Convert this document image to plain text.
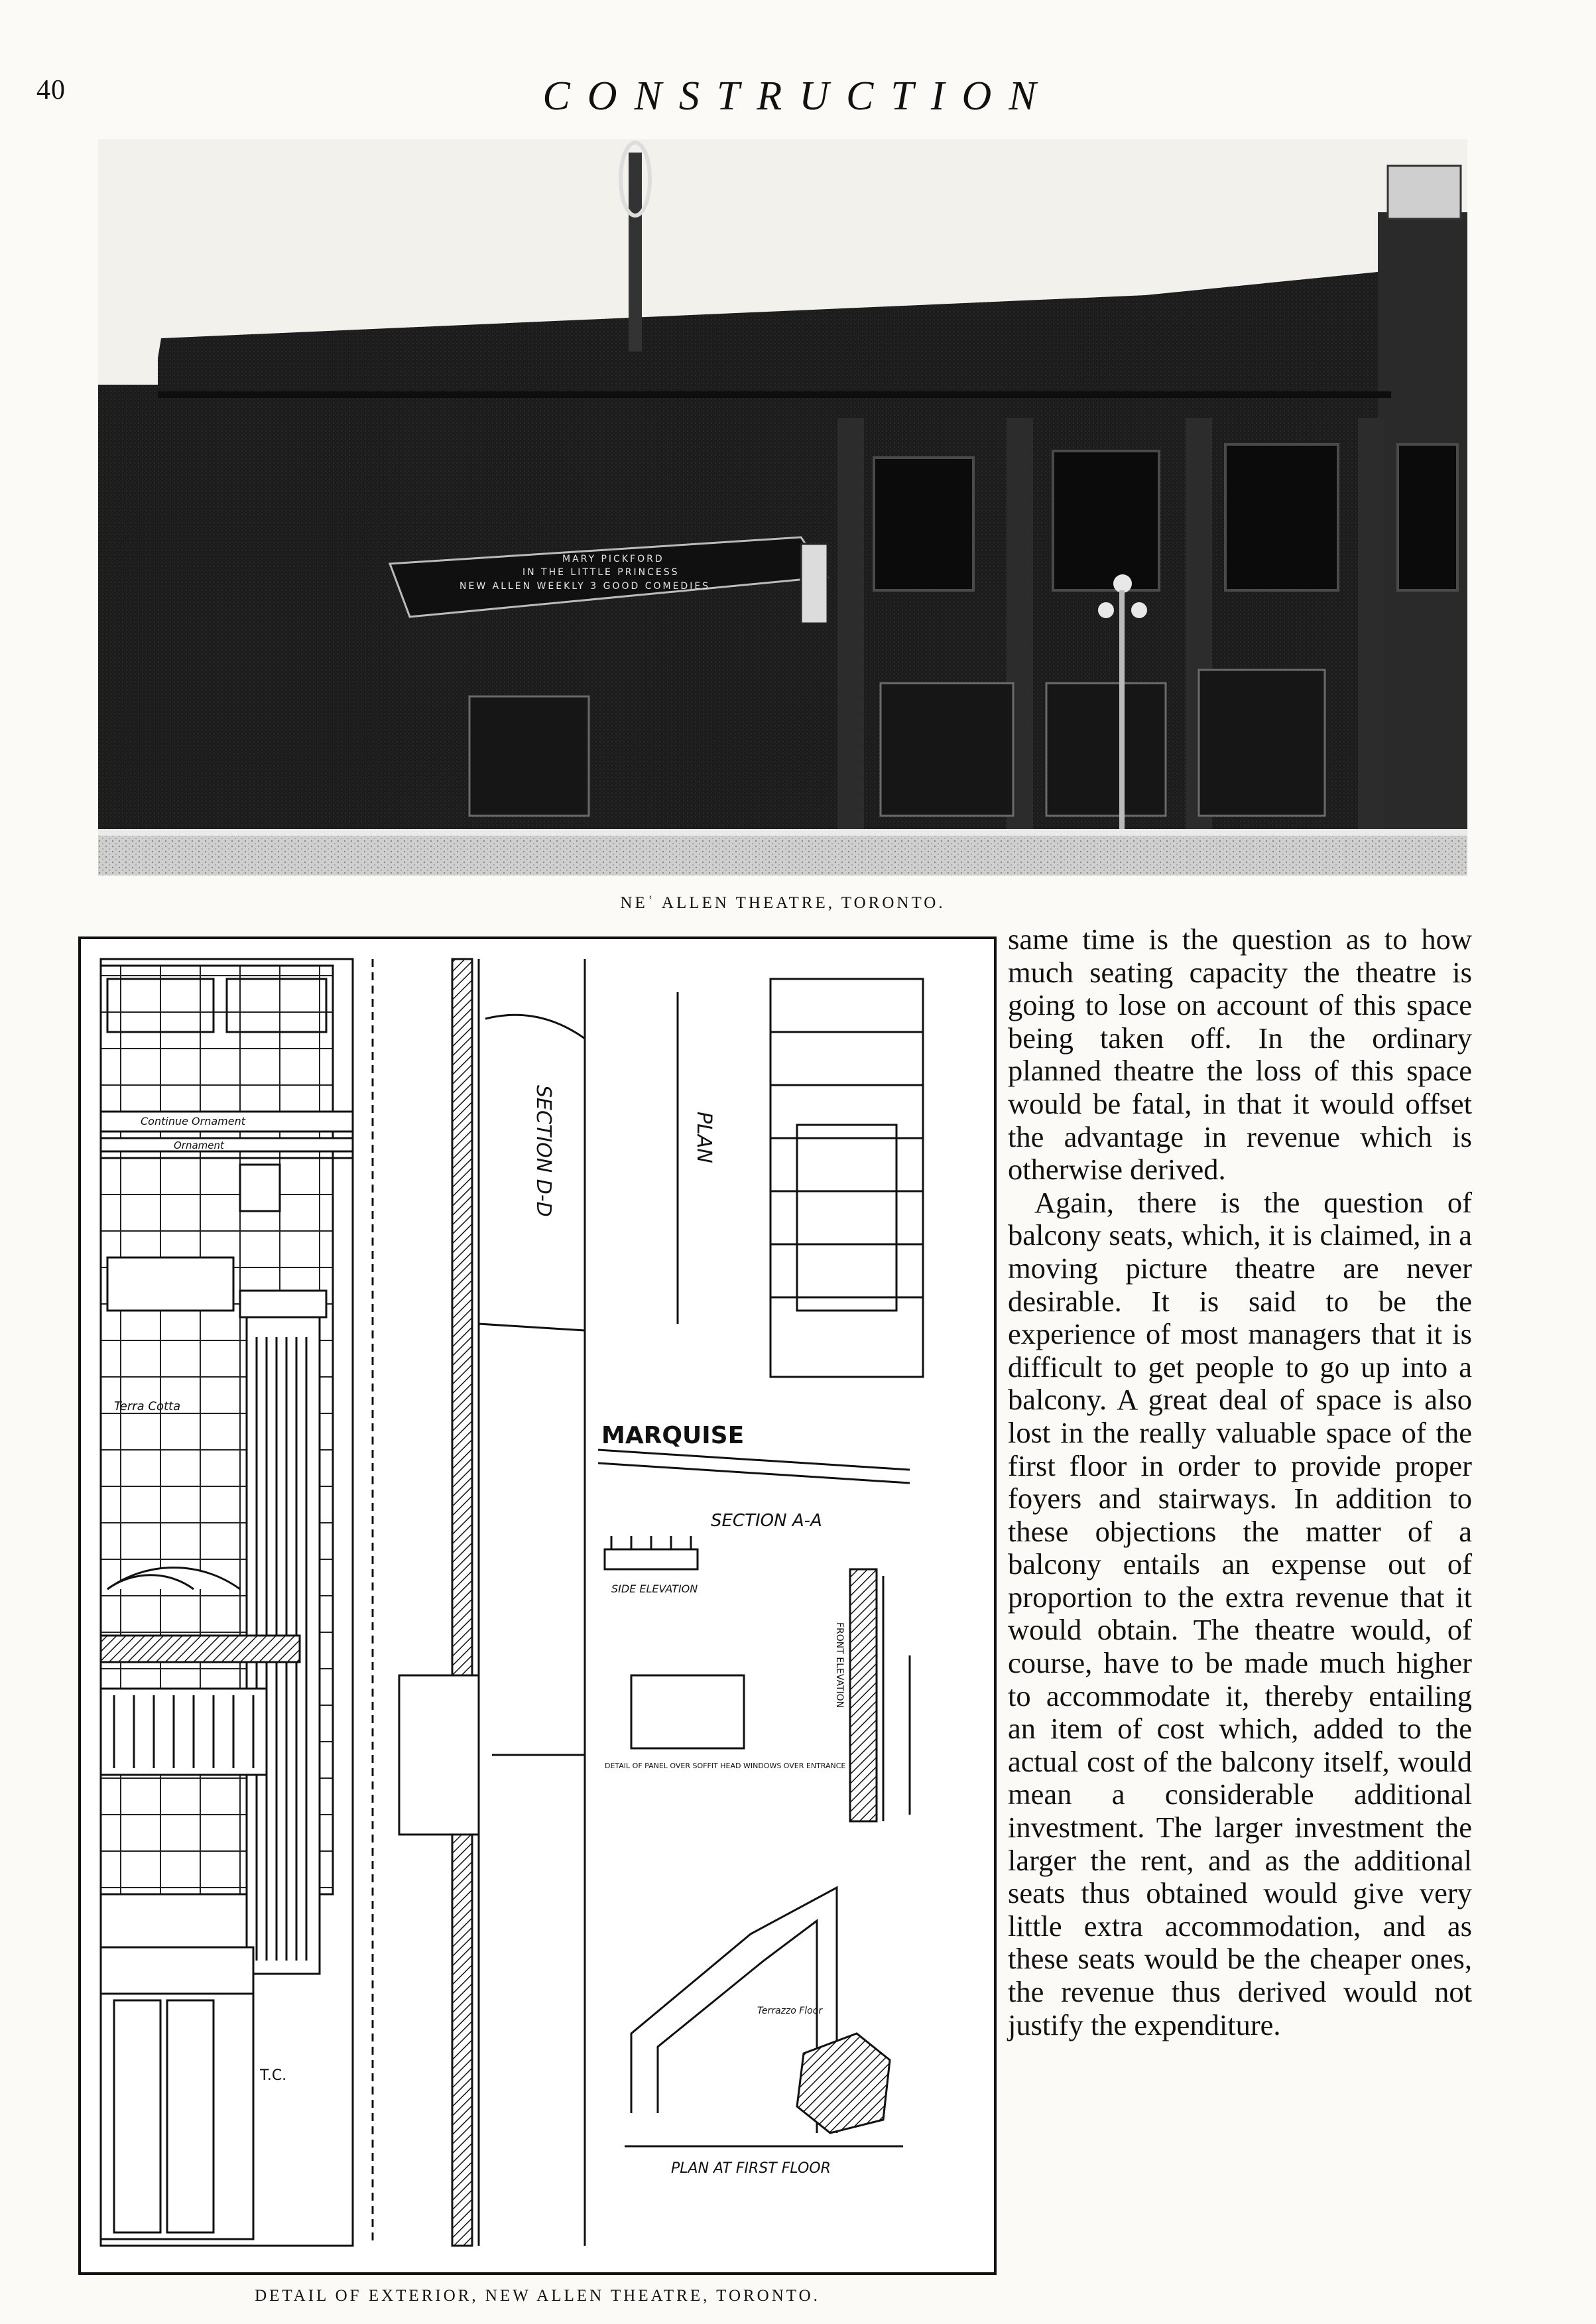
40	CONSTRUCTION
MARY PICKFORD
IN THE LITTLE PRINCESS
NEW ALLEN WEEKLY 3 GOOD COMEDIES
NEʿ ALLEN THEATRE, TORONTO.
Continue Ornament
Ornament
Terra Cotta
T.C.
SECTION D-D	PLAN
MARQUISE
SECTION A-A
SIDE ELEVATION
DETAIL OF PANEL OVER SOFFIT HEAD WINDOWS OVER ENTRANCE
FRONT ELEVATION
Terrazzo Floor
PLAN AT FIRST FLOOR
DETAIL OF EXTERIOR, NEW ALLEN THEATRE, TORONTO.

same time is the question as to how much seating capacity the theatre is going to lose on account of this space being taken off. In the ordinary planned theatre the loss of this space would be fatal, in that it would offset the advantage in revenue which is otherwise derived.

Again, there is the question of balcony seats, which, it is claimed, in a moving picture theatre are never desirable. It is said to be the experience of most managers that it is difficult to get people to go up into a balcony. A great deal of space is also lost in the really valuable space of the first floor in order to provide proper foyers and stairways. In addition to these objections the matter of a balcony entails an expense out of proportion to the extra revenue that it would obtain. The theatre would, of course, have to be made much higher to accommodate it, thereby entailing an item of cost which, added to the actual cost of the balcony itself, would mean a considerable additional investment. The larger investment the larger the rent, and as the additional seats thus obtained would give very little extra accommodation, and as these seats would be the cheaper ones, the revenue thus derived would not justify the expenditure.
